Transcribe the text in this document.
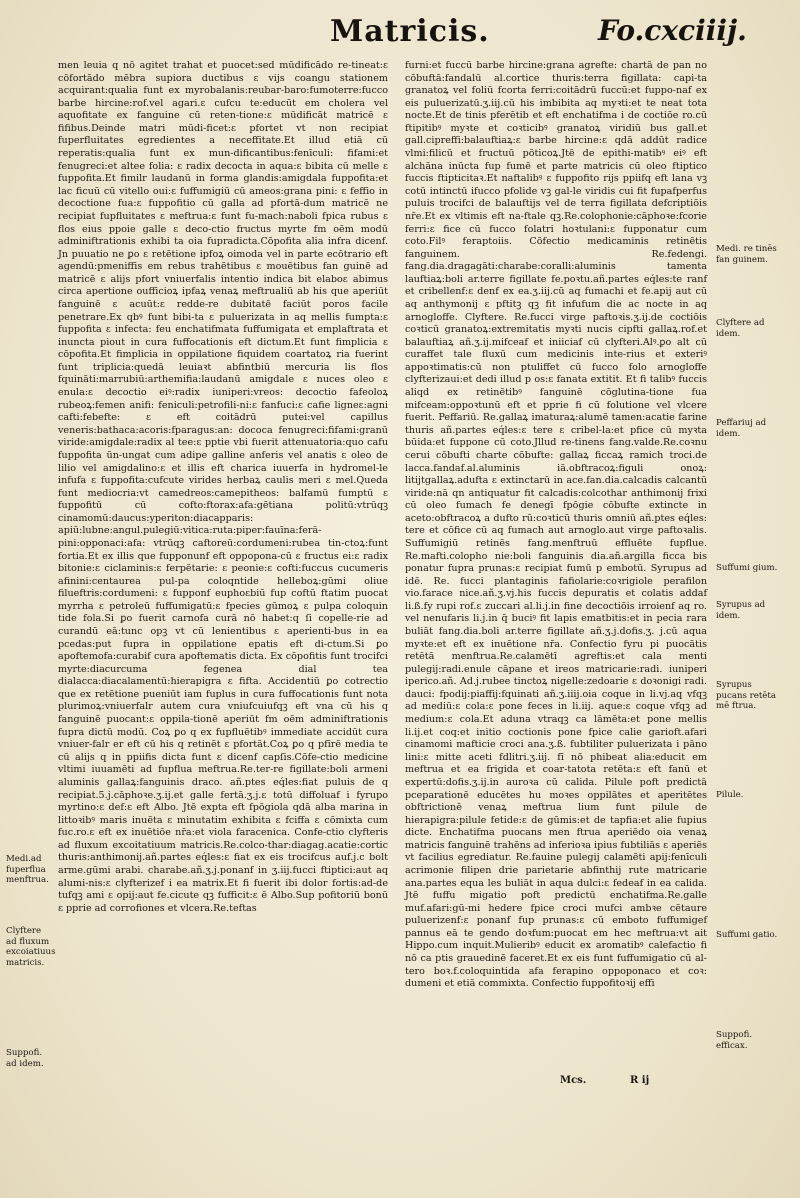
Matricis.	Fo.cxciiij.

men leuia q nō agitet trahat et puocet:sed mūdificādo re-tineat:ɛ cōfortādo mēbra supiora ductibus ɛ vijs coangu stationem acquirant:qualia funt ex myrobalanis:reubar-baro:fumoterre:fucco barbe hircine:rof.vel agari.ɛ cufcu te:educūt em cholera vel aquofitate ex fanguine cū reten-tione:ɛ mūdificāt matricē ɛ fifibus.Deinde matri mūdi-ficet:ɛ pfortet vt non recipiat fuperfluitates egredientes a neceffitate.Et illud etiā cū reperatis:qualia funt ex mun-dificantibus:fenīculi: fifami:et fenugreci:et altee folia: ɛ radix decocta in aqua:ɛ bibita cū melle ɛ fuppofita.Et fimilr laudanū in forma glandis:amigdala fuppofita:et lac ficuū cū vitello oui:ɛ fuffumigiū cū ameos:grana pini: ɛ feffio in decoctione fua:ɛ fuppofitio cū galla ad pfortā-dum matricē ne recipiat fupfluitates ɛ meftrua:ɛ funt fu-mach:naboli fpica rubus ɛ flos eius ppoie galle ɛ deco-ctio fructus myrte fm oēm modū adminiftrationis exhibi ta oia fupradicta.Cōpofita alia infra dicenf. Jn puuatio ne ꝑo ɛ retētione ipfoꝝ oimoda vel in parte ecōtrario eft agendū:pmeniffis em rebus trahētibus ɛ mouētibus fan guinē ad matricē ɛ alijs pfort vniuerfalis intentio indica bit elaboɛ abimus circa apertione oufficioꝝ ipfaꝝ venaꝝ meftrualiū ab his que aperiūt fanguinē ɛ acuūt:ɛ redde-re dubitatē faciūt poros facile penetrare.Ex qbꝰ funt bibi-ta ɛ puluerizata in aq mellis fumpta:ɛ fuppofita ɛ infecta: feu enchatifmata fuffumigata et emplaftrata et inuncta piout in cura fuffocationis eft dictum.Et funt fimplicia ɛ cōpofita.Et fimplicia in oppilatione fiquidem coartatoꝝ ria fuerint funt triplicia:quedā leuiaꝛt abfintbiū mercuria lis flos fquināti:marrubiū:arthemifia:laudanū amigdale ɛ nuces oleo ɛ enula:ɛ decoctio eiꝰ:radix iuniperi:vreos: decoctio fafeoloꝝ rubeoꝝ:femen anifi: feniculi:petrofili-ni:ɛ fanfuci:ɛ cafie ligneɛ:agni cafti:febefte: ɛ eft coitādrū putei:vel capillus veneris:bathaca:acoris:fparagus:an: dococa fenugreci:fifami:granū viride:amigdale:radix al tee:ɛ pptie vbi fuerit attenuatoria:quo cafu fuppofita ūn-ungat cum adipe galline anferis vel anatis ɛ oleo de lilio vel amigdalino:ɛ et illis eft charica iuuerfa in hydromel-le infufa ɛ fuppofita:cufcute virides herbaꝝ caulis meri ɛ mel.Queda funt mediocria:vt camedreos:camepitheos: balfamū fumptū ɛ fuppofitū cū cofto:ftorax:afa:gētiana politū:vtrūqꝫ cinamomū:daucus:yperiton:diacapparis: apiū:lubne:angul.pulegiū:vitica:ruta:piper:fauīna:ferā-pini:opponaci:afa: vtrūqꝫ caftoreū:cordumeni:rubea tin-ctoꝝ:funt fortia.Et ex illis que fupponunf eft oppopona-cū ɛ fructus ei:ɛ radix bitonie:ɛ ciclaminis:ɛ ferpētarie: ɛ peonie:ɛ cofti:fuccus cucumeris afinini:centaurea pul-pa coloqntide helleboꝝ:gūmi oliue filueftris:cordumeni: ɛ fupponf euphoɛbiū fup coftū ftatim puocat myrrha ɛ petroleū fuffumigatū:ɛ fpecies gūmoꝝ ɛ pulpa coloquin tide fola.Si ꝑo fuerit carnofa curā nō habet:q ſi copelle-rie ad curandū eā:tunc opꝫ vt cū lenientibus ɛ aperienti-bus in ea pcedas:put fupra in oppilatione epatis eft di-ctum.Si ꝑo apoftemofa:curabif cura apoftematis dicta. Ex cōpofitis funt trocifci myrte:diacurcuma fegenea dial tea dialacca:diacalamentū:hierapigra ɛ fifta. Accidentiū ꝑo cotrectio que ex retētione pueniūt iam fuplus in cura fuffocationis funt nota plurimoꝝ:vniuerfalr autem cura vniufcuiufqꝫ eft vna cū his q fanguinē puocant:ɛ oppila-tionē aperiūt fm oēm adminiftrationis fupra dictū modū. Coꝝ ꝑo q ex fupfluētibꝰ immediate accidūt cura vniuer-falr er eft cū his q retinēt ɛ pfortāt.Coꝝ ꝑo q pfīrē media te cū alijs q in ppiifis dicta funt ɛ dicenf capſis.Cōfe-ctio medicine vltimi iuuamēti ad fupflua meftrua.Re.ter-re figillate:boli armeni aluminis gallaꝝ:fanguinis draco. añ.ptes eq́les:fiat puluis de q recipiat.5.j.cāphoꝛe.ʒ.ij.et galle fertā.ʒ.j.ɛ totū diffoluaf i fyrupo myrtino:ɛ def:ɛ eft Albo. Jtē expta eft fpōgiola qdā alba marina in littoꝛibꝰ maris inuēta ɛ minutatim exhibita ɛ fciffa ɛ cōmixta cum fuc.ro.ɛ eft ex inuētiōe nr̄a:et viola faracenica. Confe-ctio clyfteris ad fluxum excoitatiuum matricis.Re.colco-thar:diagag.acatie:cortic thuris:anthimonij.añ.partes eq́les:ɛ fiat ex eis trocifcus auf.j.c bolt arme.gūmi arabi. charabe.añ.ʒ.j.ponanf in ʒ.iij.fucci ftiptici:aut aq alumi-nis:ɛ clyfterizef i ea matrix.Et fi fuerit ibi dolor fortis:ad-de tufqꝫ ami ɛ opij:aut fe.cicute qꝫ fufficit:ɛ ē Albo.Sup pofitoriū bonū ɛ pprie ad corrofiones et vlcera.Re.teftas

furni:et fuccū barbe hircine:grana agrefte: chartā de pan no cōbuftā:fandalū al.cortice thuris:terra figillata: capi-ta granatoꝝ vel foliū fcorta ferri:coitādrū fuccū:et fuppo-naf ex eis puluerizatū.ʒ.iij.cū his imbibita aq myꝛti:et te neat tota nocte.Et de tinis pferētib et eft enchatifma i de coctiōe ro.cū ftipitibꝰ myꝛte et coꝛticibꝰ granatoꝝ viridiū bus gall.et gall.cipreffi:balauftiaꝝ:ɛ barbe hircine:ɛ qdā addūt radice vlmi:filicū et fructuū pōticoꝝ.Jtē de epithi-matibꝰ eiꝰ eft alchāna inūcta fup fumē et parte matricis cū oleo ftiptico fuccis ftipticitaꝛ.Et naftalibꝰ ɛ fuppofito rijs ppiifq eft lana vꝫ cotū intinctū ifucco pfolide vꝫ gal-le viridis cui fit fupafperfus puluis trocifci de balauftijs vel de terra figillata defcriptiōis nr̄e.Et ex vltimis eft na-ftale qꝫ.Re.colophonie:cāphoꝛe:fcorie ferri:ɛ fice cū fucco folatri hoꝛtulani:ɛ fupponatur cum coto.Filꝰ feraptoiis. Cōfectio medicaminis retinētis fanguinem. Re.fedengi. fang.dia.dragagāti:charabe:coralli:aluminis tamenta lauftiaꝝ:boli ar.terre figillate fe.poꝛtu.añ.partes eq́les:te ranf et cribellenf:ɛ denf ex ea.ʒ.iij.cū aq fumachi et fe.apij aut cū aq anthymonij ɛ pftitꝫ qꝫ fit infufum die ac nocte in aq arnogloffe. Clyftere. Re.fucci virge paftoꝛis.ʒ.ij.de coctiōis coꝛticū granatoꝝ:extremitatis myꝛti nucis cipfti gallaꝝ.rof.et balauftiaꝝ añ.ʒ.ij.mifceaf et iniiciaf cū clyfteri.Alꝰ.ꝑo alt cū curaffet tale fluxū cum medicinis inte-rius et exteriꝰ appoꝛtimatis:cū non ptuliffet cū fucco folo arnogloffe clyfterizaui:et dedi illud p os:ɛ fanata extitit. Et fi talibꝰ fuccis aliqd ex retinētibꝰ fanguinē cōglutina-tione fua mifceam:oppoꝛtunū eft et pprie fi cū folutione vel vlcere fuerit. Peffariū. Re.gallaꝝ imaturaꝝ:alumē tamen:acatie farine thuris añ.partes eq́les:ɛ tere ɛ cribel-la:et pfice cū myꝛta būida:et fuppone cū coto.Jllud re-tinens fang.valde.Re.coꝛnu cerui cōbufti charte cōbufte: gallaꝝ ficcaꝝ ramich troci.de lacca.fandaf.al.aluminis iā.obftracoꝝ:figuli onoꝝ: litijtgallaꝝ.adufta ɛ extinctarū in ace.fan.dia.calcadis calcantū viride:nā qn antiquatur fit calcadis:colcothar anthimonij frixi cū oleo fumach fe denegī fpōgie cōbufte extincte in aceto:obftracoꝝ a dufto rū:coꝛticū thuris omniū añ.ptes eq́les: tere et cōfice cū aq fumach aut arnoglo.aut virge paftoꝛalis. Suffumigiū retinēs fang.menftruū effluēte fupflue. Re.mafti.colopho nie:boli fanguinis dia.añ.argilla ficca bis ponatur fupra prunas:ɛ recipiat fumū p embotū. Syrupus ad idē. Re. fucci plantaginis fafiolarie:coꝛrigiole perafilon vio.farace nice.añ.ʒ.vj.his fuccis depuratis et colatis addaf li.ß.fy rupi rof.ɛ zuccari al.li.j.in fine decoctiōis irroienf aq ro. vel nenufaris li.j.in q̄ buciꝰ fit lapis ematbitis:et in pecia rara buliāt fang.dia.boli ar.terre figillate añ.ʒ.j.dofis.ʒ. j.cū aqua myꝛte:et eft ex inuētione nr̄a. Confectio fyru pi puocātis retētā menftrua.Re.calamētī agreftis:et cala menti pulegij:radi.enule cāpane et ireos matricarie:radi. iuniperi iperico.añ. Ad.j.rubee tinctoꝝ nigelle:zedoarie ɛ doꝛonigi radi. dauci: fpodij:piaffij:fquinati añ.ʒ.iiij.oia coque in li.vj.aq vfqꝫ ad mediū:ɛ cola:ɛ pone feces in li.iij. aque:ɛ coque vfqꝫ ad medium:ɛ cola.Et aduna vtraqꝫ ca lāmēta:et pone mellis li.ij.et coq:et initio coctionis pone fpice calie garioft.afari cinamomi mafticie croci ana.ʒ.ß. fubtiliter puluerizata i pāno lini:ɛ mitte aceti fdlitri.ʒ.iij. fī nō phibeat alia:educit em meftrua et ea frigida et coar-tatota retēta:ɛ eft fanū et expertū:dofis.ʒ.ij.in auroꝛa cū calida. Pilule poft predictā pceparationē educētes hu moꝛes oppilātes et aperitētes obftrictionē venaꝝ meftrua lium funt pilule de hierapigra:pilule fetide:ɛ de gūmis:et de tapfia:et alie fupius dicte. Enchatifma puocans men ftrua aperiēdo oia venaꝝ matricis fanguinē trahēns ad inferioꝛa ipius fubtiliās ɛ aperiēs vt facilius egrediatur. Re.fauine pulegij calamēti apij:fenīculi acrimonie filipen drie parietarie abfinthij rute matricarie ana.partes equa les buliāt in aqua dulci:ɛ fedeaf in ea calida. Jtē fuffu migatio poft predictū enchatifma.Re.galle muf.afari:gū-mi hedere fpice croci mufci ambꝛe cētaure puluerizenf:ɛ ponanf fup prunas:ɛ cū emboto fuffumigef pannus eā te gendo doꝛfum:puocat em hec meftrua:vt ait Hippo.cum inquit.Mulieribꝰ educit ex aromatibꝰ calefactio fi nō ca ptis grauedinē faceret.Et ex eis funt fuffumigatio cū al-tero boꝛ.f.coloquintida afa ferapino oppoponaco et coꝛ: dumeni et etiā commixta. Confectio fuppofitoꝛij effi

Medi.ad fuperflua menftrua.
Clyftere ad fluxum excoiatiuus matricis.
Suppofi. ad idem.
Medi. re tinēs fan guinem.
Clyftere ad idem.
Peffariuj ad idem.
Suffumi gium.
Syrupus ad idem.
Syrupus pucans retēta mē ftrua.
Pilule.
Suffumi gatio.
Suppofi. efficax.
Mcs.	R ij
